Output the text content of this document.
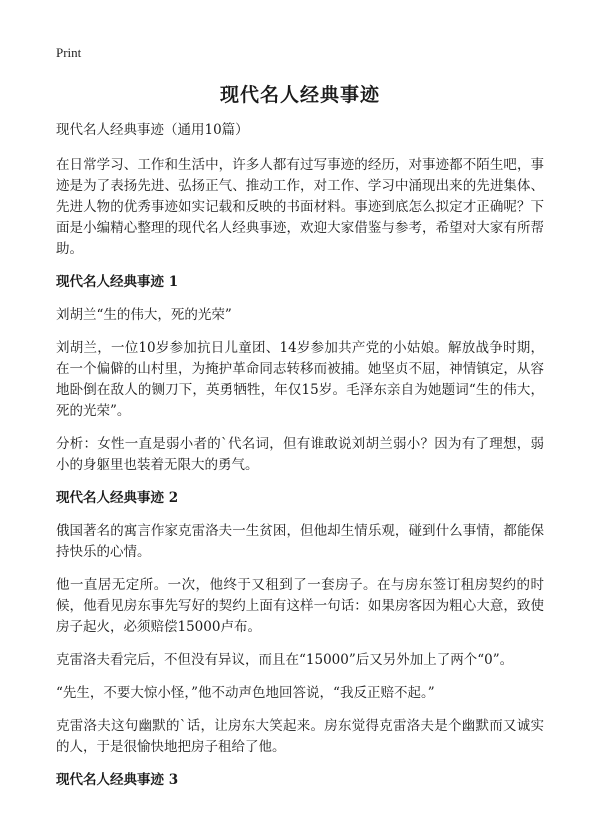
Print
现代名人经典事迹

现代名人经典事迹（通用10篇）

在日常学习、工作和生活中，许多人都有过写事迹的经历，对事迹都不陌生吧，事迹是为了表扬先进、弘扬正气、推动工作，对工作、学习中涌现出来的先进集体、先进人物的优秀事迹如实记载和反映的书面材料。事迹到底怎么拟定才正确呢？下面是小编精心整理的现代名人经典事迹，欢迎大家借鉴与参考，希望对大家有所帮助。

现代名人经典事迹 1

刘胡兰“生的伟大，死的光荣”

刘胡兰，一位10岁参加抗日儿童团、14岁参加共产党的小姑娘。解放战争时期，在一个偏僻的山村里，为掩护革命同志转移而被捕。她坚贞不屈，神情镇定，从容地卧倒在敌人的铡刀下，英勇牺牲，年仅15岁。毛泽东亲自为她题词“生的伟大，死的光荣”。

分析：女性一直是弱小者的`代名词，但有谁敢说刘胡兰弱小？因为有了理想，弱小的身躯里也装着无限大的勇气。

现代名人经典事迹 2

俄国著名的寓言作家克雷洛夫一生贫困，但他却生情乐观，碰到什么事情，都能保持快乐的心情。

他一直居无定所。一次，他终于又租到了一套房子。在与房东签订租房契约的时候，他看见房东事先写好的契约上面有这样一句话：如果房客因为粗心大意，致使房子起火，必须赔偿15000卢布。

克雷洛夫看完后，不但没有异议，而且在“15000”后又另外加上了两个“0”。

“先生，不要大惊小怪，”他不动声色地回答说，“我反正赔不起。”

克雷洛夫这句幽默的`话，让房东大笑起来。房东觉得克雷洛夫是个幽默而又诚实的人，于是很愉快地把房子租给了他。

现代名人经典事迹 3
